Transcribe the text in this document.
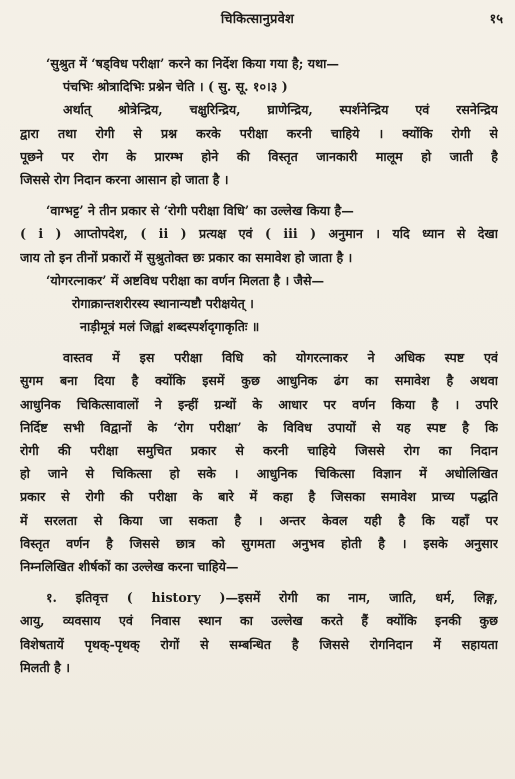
चिकित्सानुप्रवेश	१५
‘सुश्रुत में ‘षड्विध परीक्षा’ करने का निर्देश किया गया है; यथा—
पंचभिः श्रोत्रादिभिः प्रश्नेन चेति । ( सु. सू. १०।३ )
अर्थात् श्रोत्रेन्द्रिय, चक्षुरिन्द्रिय, घ्राणेन्द्रिय, स्पर्शनेन्द्रिय एवं रसनेन्द्रिय
द्वारा तथा रोगी से प्रश्न करके परीक्षा करनी चाहिये । क्योंकि रोगी से
पूछने पर रोग के प्रारम्भ होने की विस्तृत जानकारी मालूम हो जाती है
जिससे रोग निदान करना आसान हो जाता है ।
‘वाग्भट्ट’ ने तीन प्रकार से ‘रोगी परीक्षा विधि’ का उल्लेख किया है—
( i ) आप्तोपदेश, ( ii ) प्रत्यक्ष एवं ( iii ) अनुमान । यदि ध्यान से देखा
जाय तो इन तीनों प्रकारों में सुश्रुतोक्त छः प्रकार का समावेश हो जाता है ।
‘योगरत्नाकर’ में अष्टविध परीक्षा का वर्णन मिलता है । जैसे—
रोगाक्रान्तशरीरस्य स्थानान्यष्टौ परीक्षयेत् ।
नाड़ीमूत्रं मलं जिह्वां शब्दस्पर्शदृगाकृतिः ॥
वास्तव में इस परीक्षा विधि को योगरत्नाकर ने अधिक स्पष्ट एवं
सुगम बना दिया है क्योंकि इसमें कुछ आधुनिक ढंग का समावेश है अथवा
आधुनिक चिकित्सावालों ने इन्हीं ग्रन्थों के आधार पर वर्णन किया है । उपरि
निर्दिष्ट सभी विद्वानों के ‘रोग परीक्षा’ के विविध उपायों से यह स्पष्ट है कि
रोगी की परीक्षा समुचित प्रकार से करनी चाहिये जिससे रोग का निदान
हो जाने से चिकित्सा हो सके । आधुनिक चिकित्सा विज्ञान में अधोलिखित
प्रकार से रोगी की परीक्षा के बारे में कहा है जिसका समावेश प्राच्य पद्धति
में सरलता से किया जा सकता है । अन्तर केवल यही है कि यहाँ पर
विस्तृत वर्णन है जिससे छात्र को सुगमता अनुभव होती है । इसके अनुसार
निम्नलिखित शीर्षकों का उल्लेख करना चाहिये—
१. इतिवृत्त ( history )—इसमें रोगी का नाम, जाति, धर्म, लिङ्ग,
आयु, व्यवसाय एवं निवास स्थान का उल्लेख करते हैं क्योंकि इनकी कुछ
विशेषतायें पृथक्-पृथक् रोगों से सम्बन्धित है जिससे रोगनिदान में सहायता
मिलती है ।
